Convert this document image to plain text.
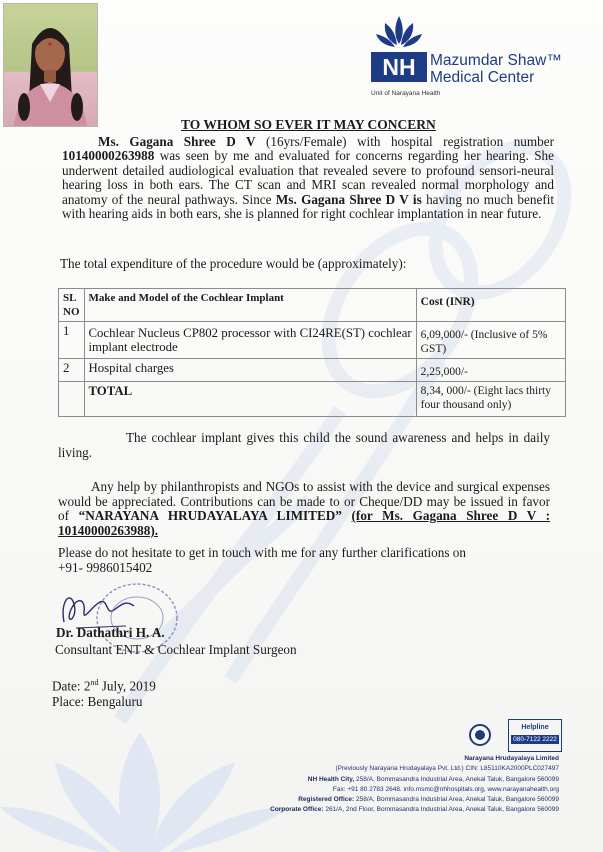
NH Mazumdar Shaw™
Medical Center
Unit of Narayana Health
TO WHOM SO EVER IT MAY CONCERN
Ms. Gagana Shree D V (16yrs/Female) with hospital registration number 10140000263988 was seen by me and evaluated for concerns regarding her hearing. She underwent detailed audiological evaluation that revealed severe to profound sensori-neural hearing loss in both ears. The CT scan and MRI scan revealed normal morphology and anatomy of the neural pathways. Since Ms. Gagana Shree D V is having no much benefit with hearing aids in both ears, she is planned for right cochlear implantation in near future.
The total expenditure of the procedure would be (approximately):
SL NO	Make and Model of the Cochlear Implant	Cost (INR)
1	Cochlear Nucleus CP802 processor with CI24RE(ST) cochlear implant electrode	6,09,000/- (Inclusive of 5% GST)
2	Hospital charges	2,25,000/-
	TOTAL	8,34, 000/- (Eight lacs thirty four thousand only)
The cochlear implant gives this child the sound awareness and helps in daily living.
Any help by philanthropists and NGOs to assist with the device and surgical expenses would be appreciated. Contributions can be made to or Cheque/DD may be issued in favor of “NARAYANA HRUDAYALAYA LIMITED” (for Ms. Gagana Shree D V : 10140000263988).
Please do not hesitate to get in touch with me for any further clarifications on
+91- 9986015402
Dr. Dathathri H. A.
Consultant ENT & Cochlear Implant Surgeon
Date: 2nd July, 2019
Place: Bengaluru
Helpline
080-7122 2222
Narayana Hrudayalaya Limited
(Previously Narayana Hrudayalaya Pvt. Ltd.) CIN: L85110KA2000PLC027497
NH Health City, 258/A, Bommasandra Industrial Area, Anekal Taluk, Bangalore 560099
Fax: +91 80 2783 2648. info.msmc@nhhospitals.org, www.narayanahealth.org
Registered Office: 258/A, Bommasandra Industrial Area, Anekal Taluk, Bangalore 560099
Corporate Office: 261/A, 2nd Floor, Bommasandra Industrial Area, Anekal Taluk, Bangalore 560099
